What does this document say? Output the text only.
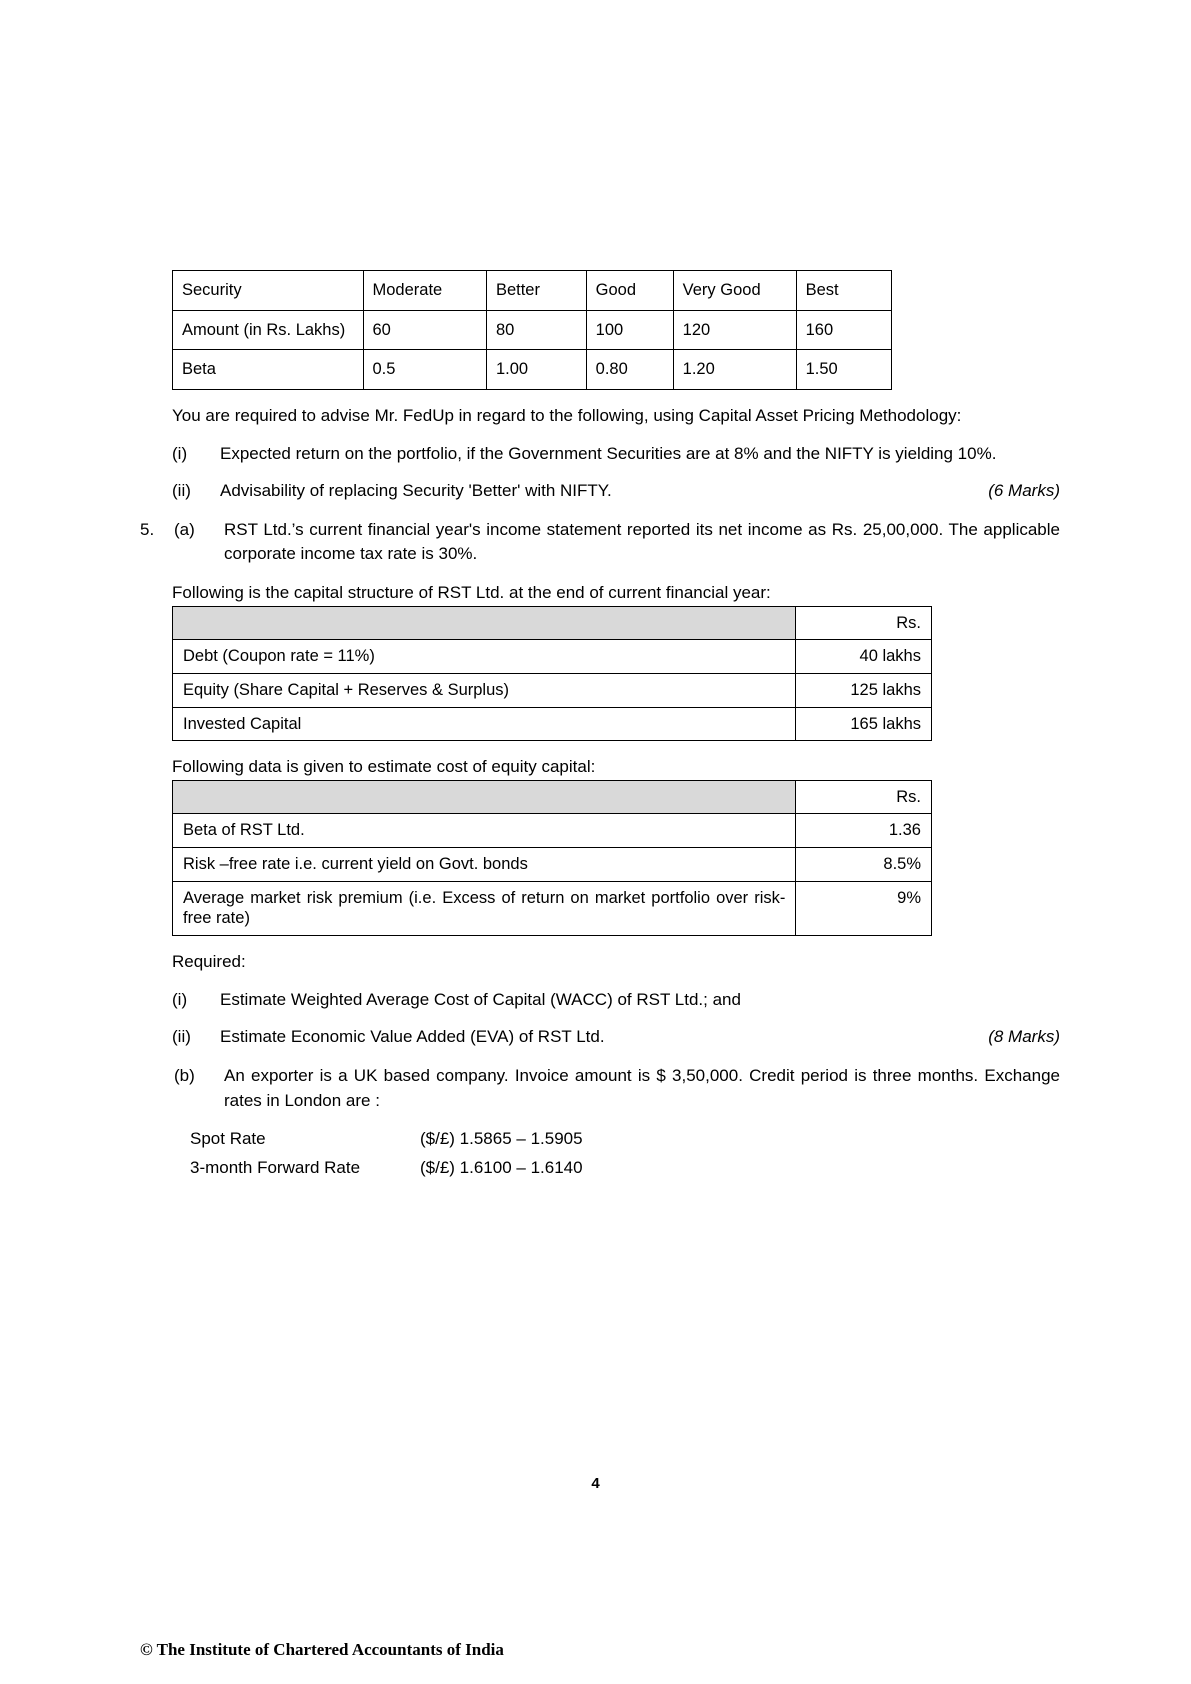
Security	Moderate	Better	Good	Very Good	Best
Amount (in Rs. Lakhs)	60	80	100	120	160
Beta	0.5	1.00	0.80	1.20	1.50
You are required to advise Mr. FedUp in regard to the following, using Capital Asset Pricing Methodology:
(i)	Expected return on the portfolio, if the Government Securities are at 8% and the NIFTY is yielding 10%.
(ii)	(6 Marks)
Advisability of replacing Security 'Better' with NIFTY.
5.	(a)	RST Ltd.’s current financial year's income statement reported its net income as Rs. 25,00,000. The applicable corporate income tax rate is 30%.
Following is the capital structure of RST Ltd. at the end of current financial year:
	Rs.
Debt (Coupon rate = 11%)	40 lakhs
Equity (Share Capital + Reserves & Surplus)	125 lakhs
Invested Capital	165 lakhs
Following data is given to estimate cost of equity capital:
	Rs.
Beta of RST Ltd.	1.36
Risk –free rate i.e. current yield on Govt. bonds	8.5%
Average market risk premium (i.e. Excess of return on market portfolio over risk-free rate)	9%
Required:
(i)	Estimate Weighted Average Cost of Capital (WACC) of RST Ltd.; and
(ii)	(8 Marks)
Estimate Economic Value Added (EVA) of RST Ltd.
(b)	An exporter is a UK based company. Invoice amount is $ 3,50,000. Credit period is three months. Exchange rates in London are :
Spot Rate	($/£) 1.5865 – 1.5905
3-month Forward Rate	($/£) 1.6100 – 1.6140
4
© The Institute of Chartered Accountants of India
